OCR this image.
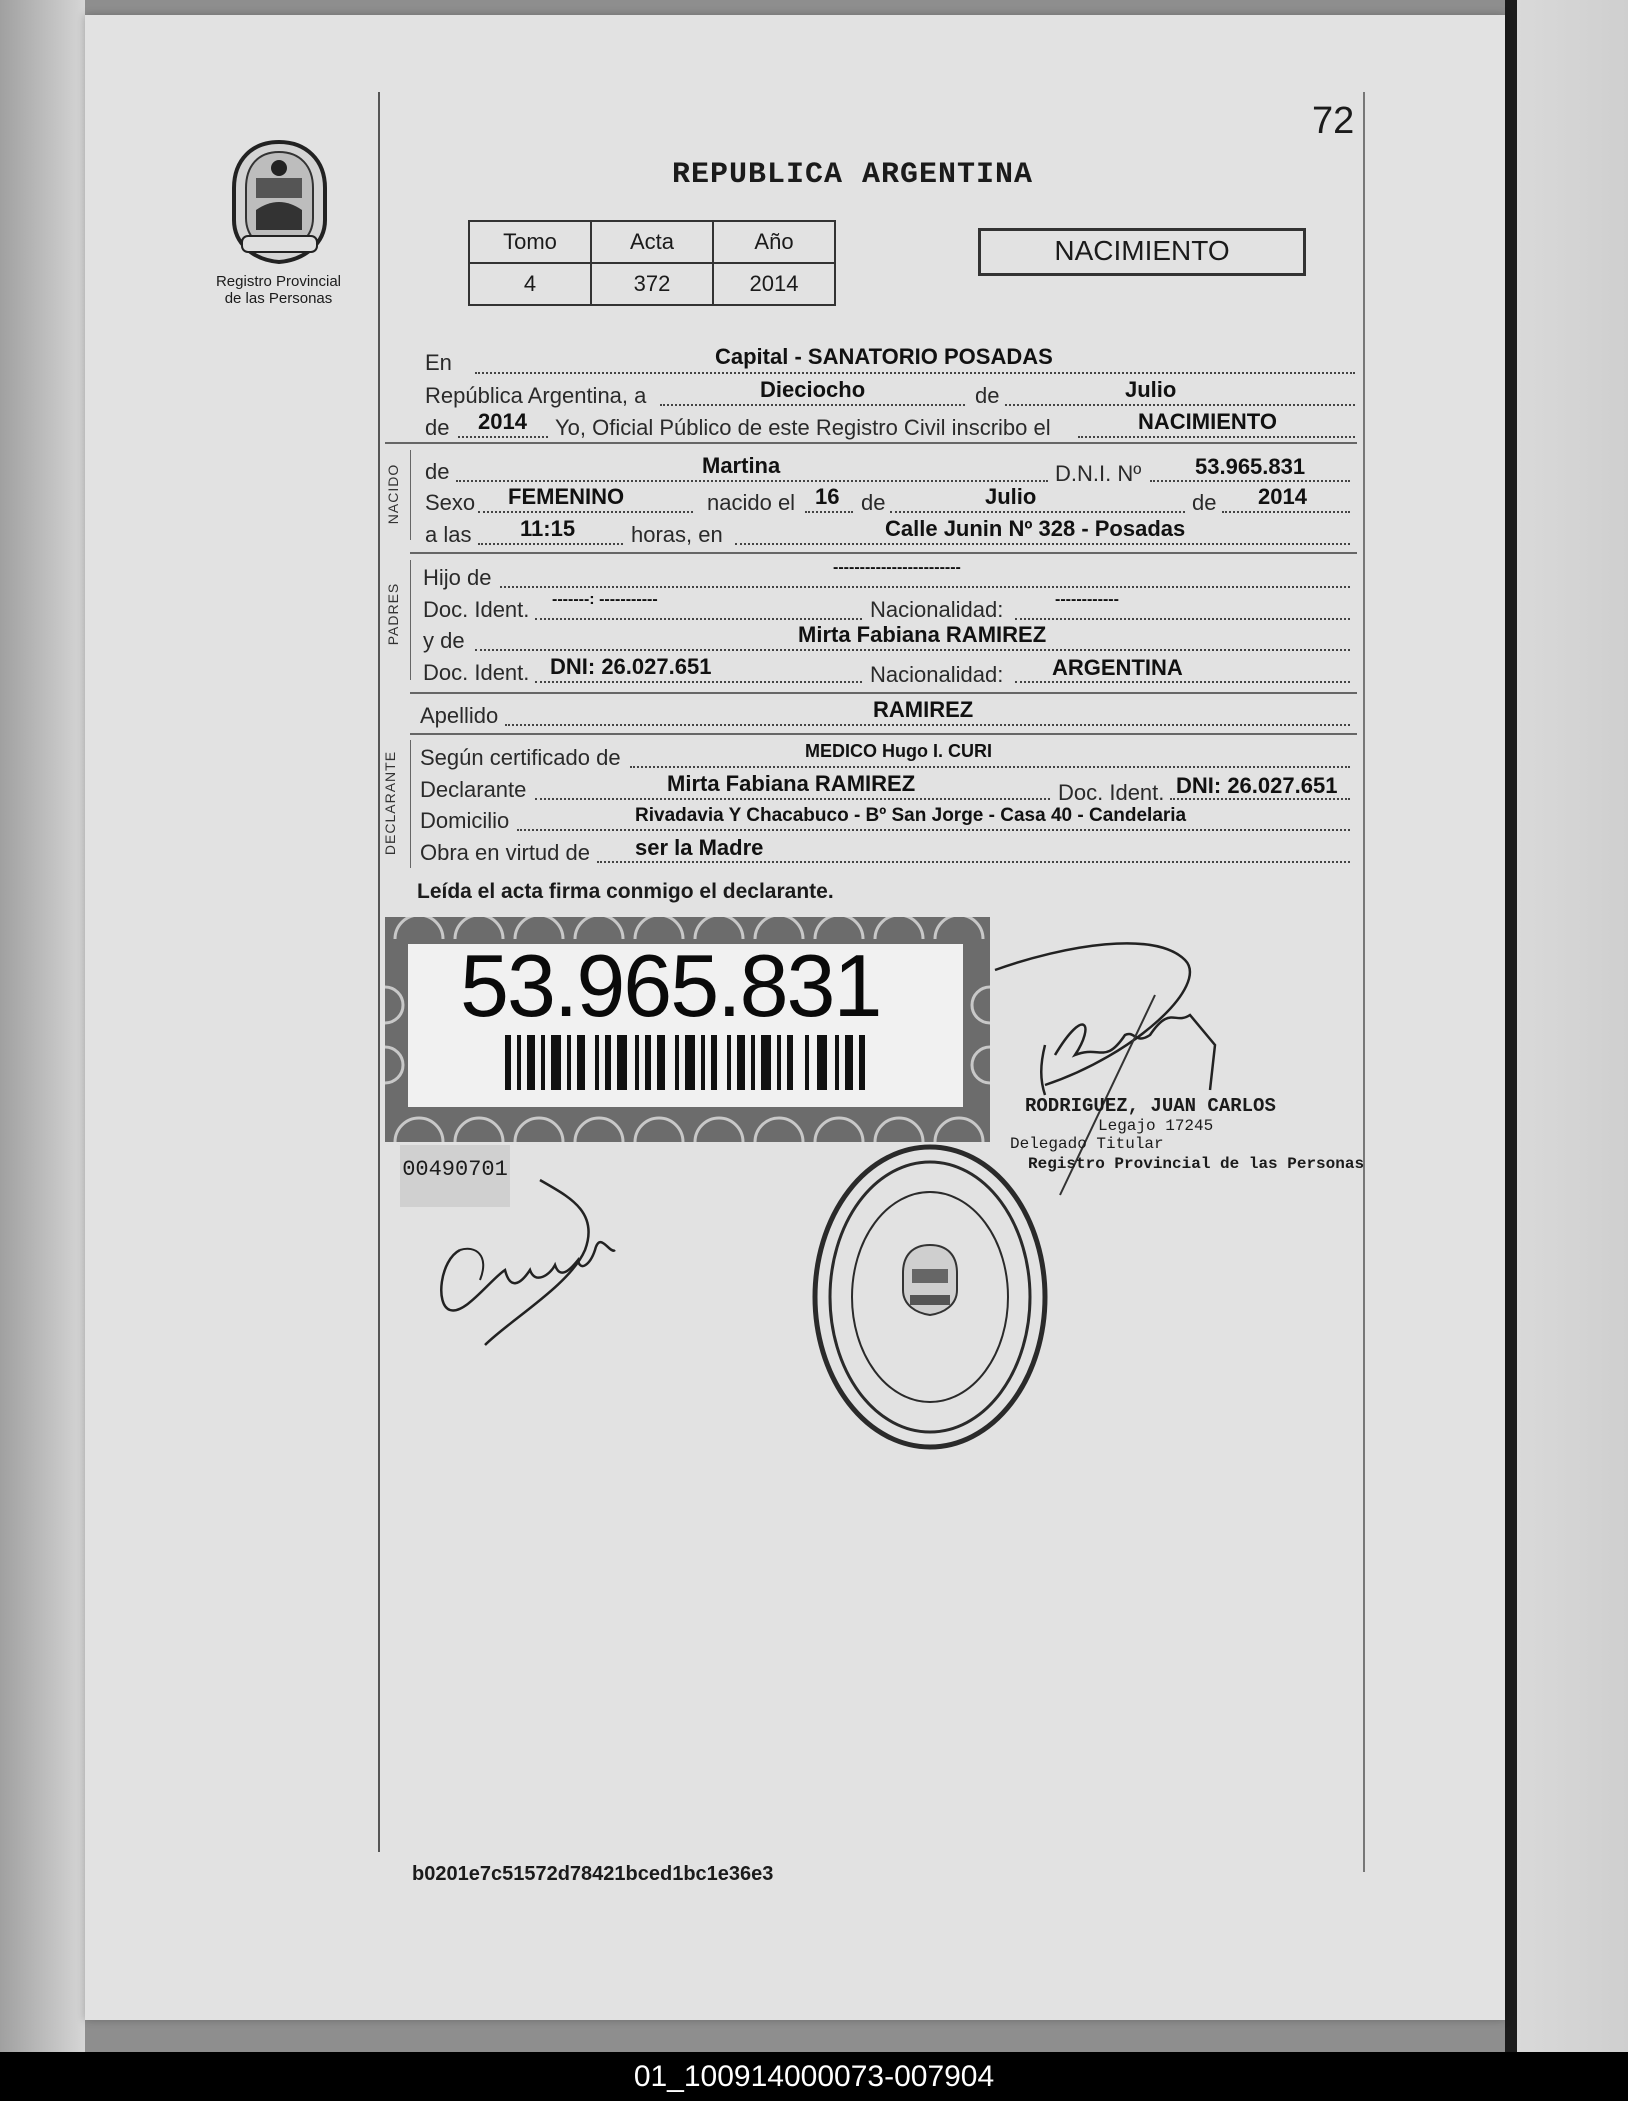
72
Registro Provincial
de las Personas
REPUBLICA ARGENTINA
Tomo	Acta	Año
4	372	2014
NACIMIENTO
En	Capital - SANATORIO POSADAS
República Argentina, a	Dieciocho	de	Julio
de 2014 Yo, Oficial Público de este Registro Civil inscribo el	NACIMIENTO
NACIDO de	Martina	D.N.I. Nº 53.965.831
Sexo FEMENINO	nacido el 16 de	Julio	de 2014
a las 11:15	horas, en	Calle Junin Nº 328 - Posadas
PADRES
Hijo de	------------------------
Doc. Ident. -------: -----------	Nacionalidad:	------------
y de	Mirta Fabiana RAMIREZ
Doc. Ident. DNI: 26.027.651	Nacionalidad: ARGENTINA
Apellido	RAMIREZ
DECLARANTE Según certificado de	MEDICO Hugo I. CURI
Declarante	Mirta Fabiana RAMIREZ	Doc. Ident. DNI: 26.027.651
Domicilio	Rivadavia Y Chacabuco - Bº San Jorge - Casa 40 - Candelaria
Obra en virtud de ser la Madre
Leída el acta firma conmigo el declarante.
53.965.831
00490701
RODRIGUEZ, JUAN CARLOS
Legajo 17245
Delegado Titular
Registro Provincial de las Personas
b0201e7c51572d78421bced1bc1e36e3
01_100914000073-007904
